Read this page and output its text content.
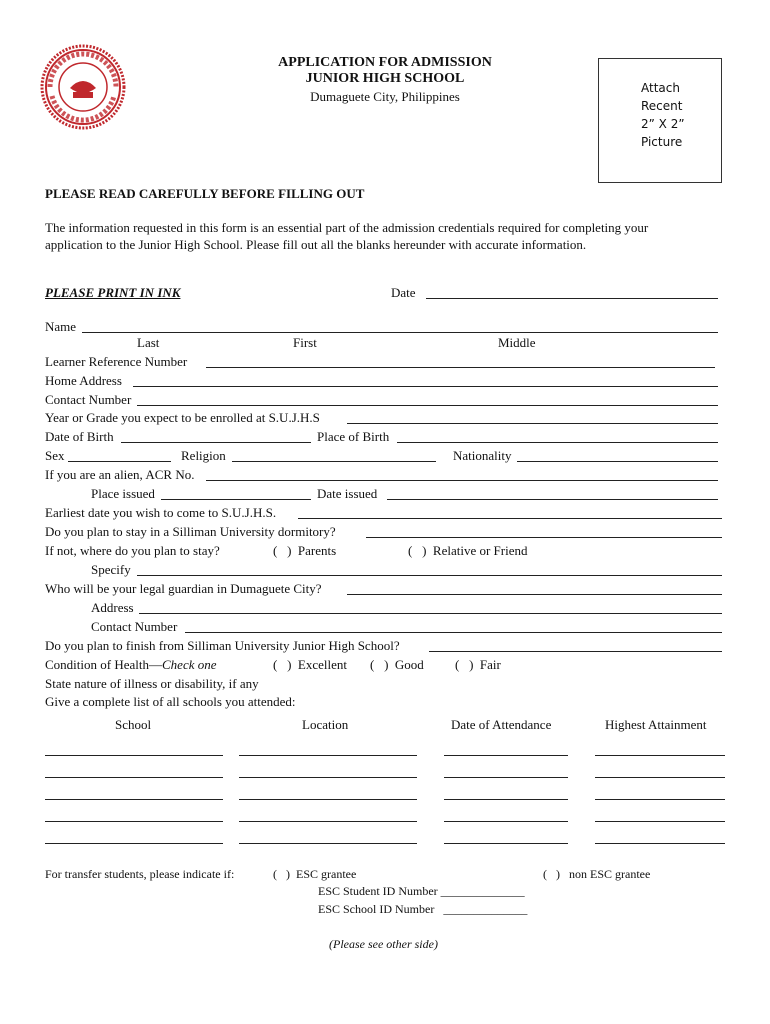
APPLICATION FOR ADMISSION
JUNIOR HIGH SCHOOL
Dumaguete City, Philippines
Attach
Recent
2” X 2”
Picture
PLEASE READ CAREFULLY BEFORE FILLING OUT
The information requested in this form is an essential part of the admission credentials required for completing your
application to the Junior High School. Please fill out all the blanks hereunder with accurate information.
PLEASE PRINT IN INK	Date
Name
Last	First	Middle
Learner Reference Number
Home Address
Contact Number
Year or Grade you expect to be enrolled at S.U.J.H.S
Date of Birth	Place of Birth
Sex	Religion	Nationality
If you are an alien, ACR No.
Place issued	Date issued
Earliest date you wish to come to S.U.J.H.S.
Do you plan to stay in a Silliman University dormitory?
If not, where do you plan to stay?	(   )  Parents	(   )  Relative or Friend
Specify
Who will be your legal guardian in Dumaguete City?
Address
Contact Number
Do you plan to finish from Silliman University Junior High School?
Condition of Health—Check one	(   )  Excellent (   )  Good (   )  Fair
State nature of illness or disability, if any
Give a complete list of all schools you attended:
School	Location	Date of Attendance	Highest Attainment
For transfer students, please indicate if:	(   )  ESC grantee	(   )   non ESC grantee
ESC Student ID Number ______________
ESC School ID Number   ______________
(Please see other side)
